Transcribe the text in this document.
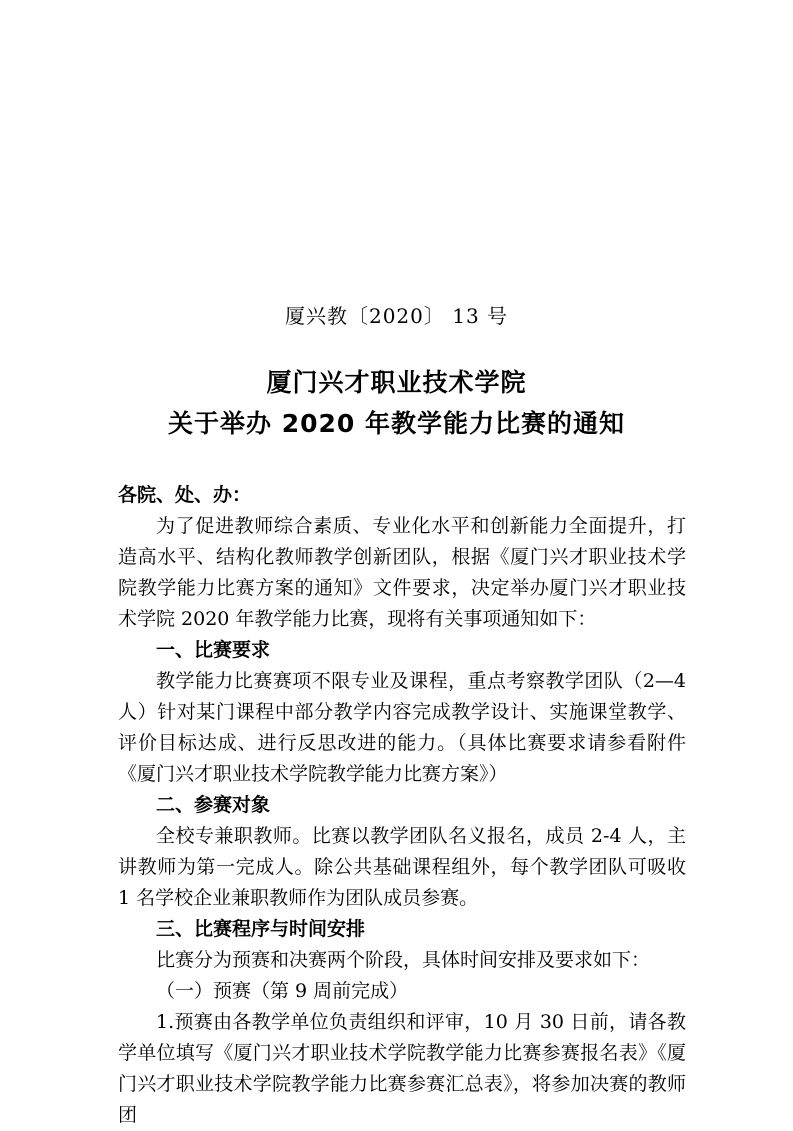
厦兴教〔2020〕 13 号
厦门兴才职业技术学院
关于举办 2020 年教学能力比赛的通知

各院、处、办：

为了促进教师综合素质、专业化水平和创新能力全面提升，打造高水平、结构化教师教学创新团队，根据《厦门兴才职业技术学院教学能力比赛方案的通知》文件要求，决定举办厦门兴才职业技术学院 2020 年教学能力比赛，现将有关事项通知如下：

一、比赛要求

教学能力比赛赛项不限专业及课程，重点考察教学团队（2—4 人）针对某门课程中部分教学内容完成教学设计、实施课堂教学、评价目标达成、进行反思改进的能力。（具体比赛要求请参看附件《厦门兴才职业技术学院教学能力比赛方案》）

二、参赛对象

全校专兼职教师。比赛以教学团队名义报名，成员 2-4 人，主讲教师为第一完成人。除公共基础课程组外，每个教学团队可吸收 1 名学校企业兼职教师作为团队成员参赛。

三、比赛程序与时间安排

比赛分为预赛和决赛两个阶段，具体时间安排及要求如下：

（一）预赛（第 9 周前完成）

1.预赛由各教学单位负责组织和评审，10 月 30 日前，请各教学单位填写《厦门兴才职业技术学院教学能力比赛参赛报名表》《厦门兴才职业技术学院教学能力比赛参赛汇总表》，将参加决赛的教师团
